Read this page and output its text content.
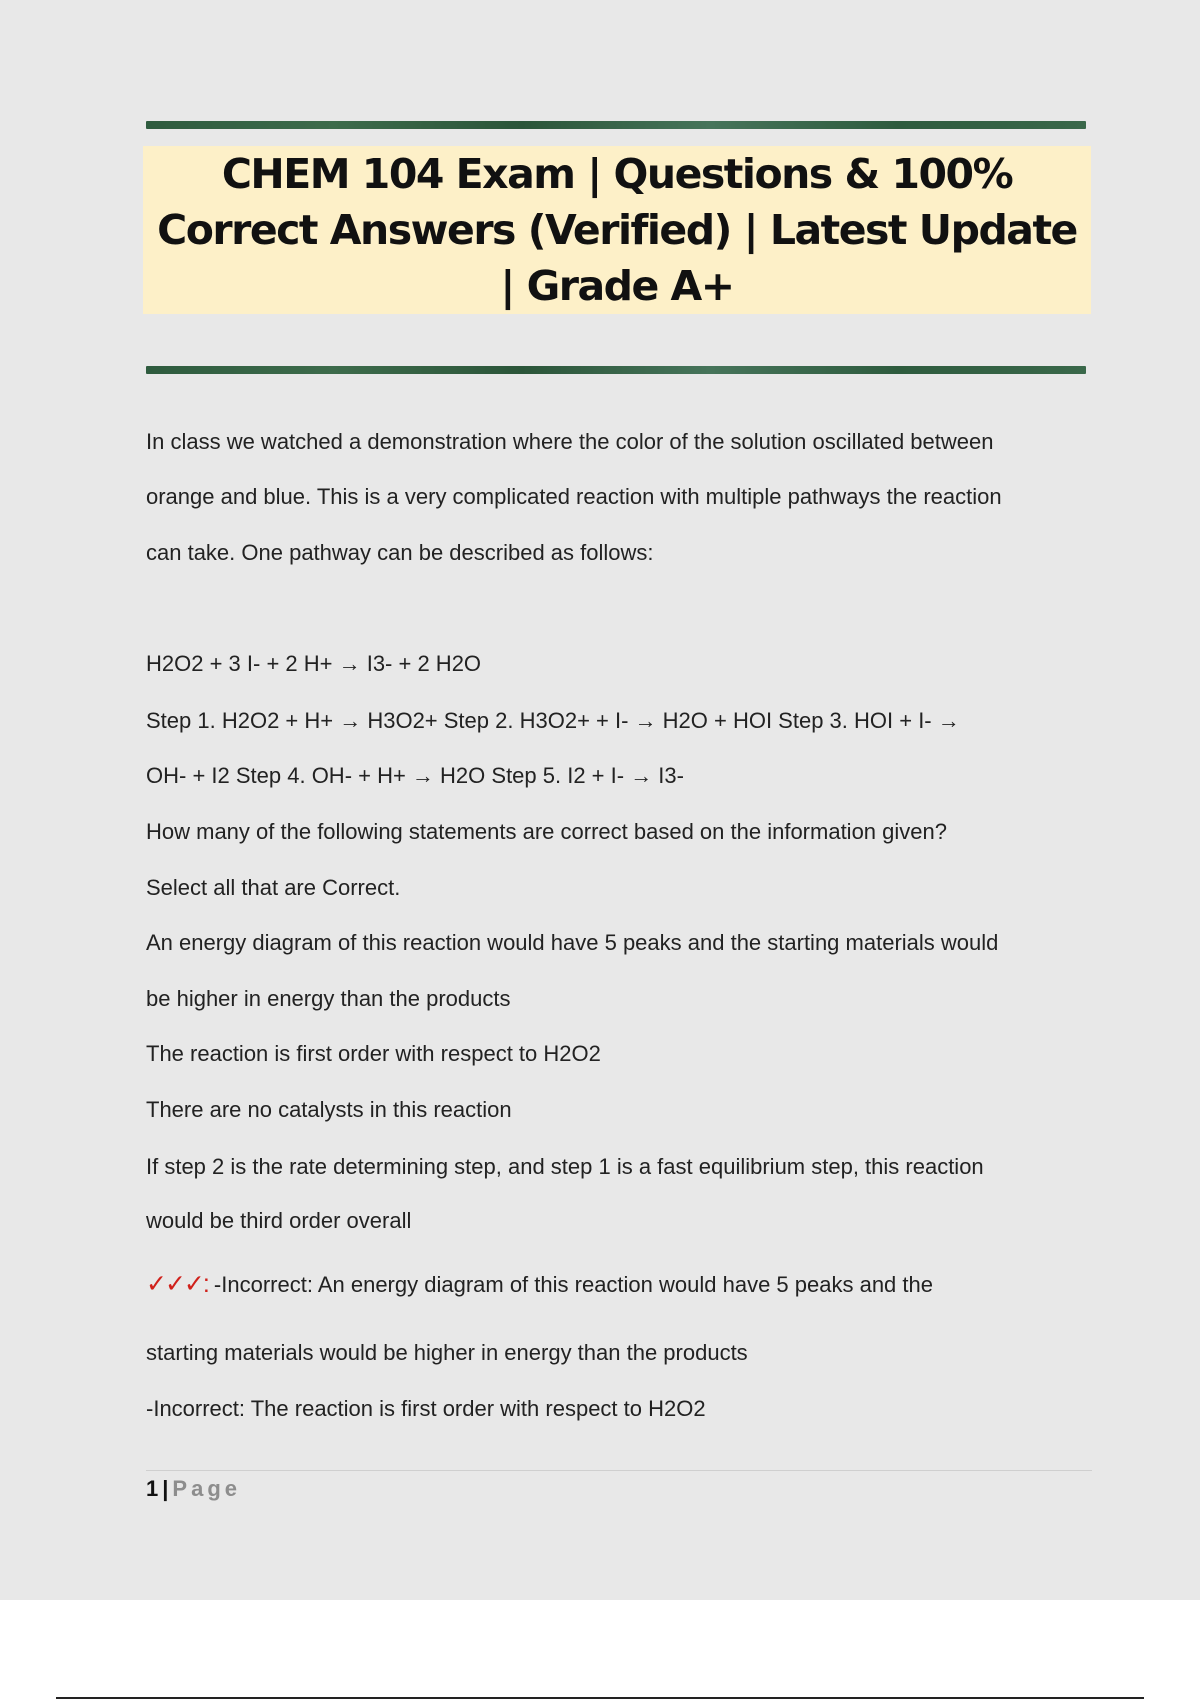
CHEM 104 Exam | Questions & 100%
Correct Answers (Verified) | Latest Update
| Grade A+
In class we watched a demonstration where the color of the solution oscillated between
orange and blue. This is a very complicated reaction with multiple pathways the reaction
can take. One pathway can be described as follows:
H2O2 + 3 I- + 2 H+ → I3- + 2 H2O
Step 1. H2O2 + H+ → H3O2+ Step 2. H3O2+ + I- → H2O + HOI Step 3. HOI + I- →
OH- + I2 Step 4. OH- + H+ → H2O Step 5. I2 + I- → I3-
How many of the following statements are correct based on the information given?
Select all that are Correct.
An energy diagram of this reaction would have 5 peaks and the starting materials would
be higher in energy than the products
The reaction is first order with respect to H2O2
There are no catalysts in this reaction
If step 2 is the rate determining step, and step 1 is a fast equilibrium step, this reaction
would be third order overall
✓✓✓: -Incorrect: An energy diagram of this reaction would have 5 peaks and the
starting materials would be higher in energy than the products
-Incorrect: The reaction is first order with respect to H2O2
1 | Page
